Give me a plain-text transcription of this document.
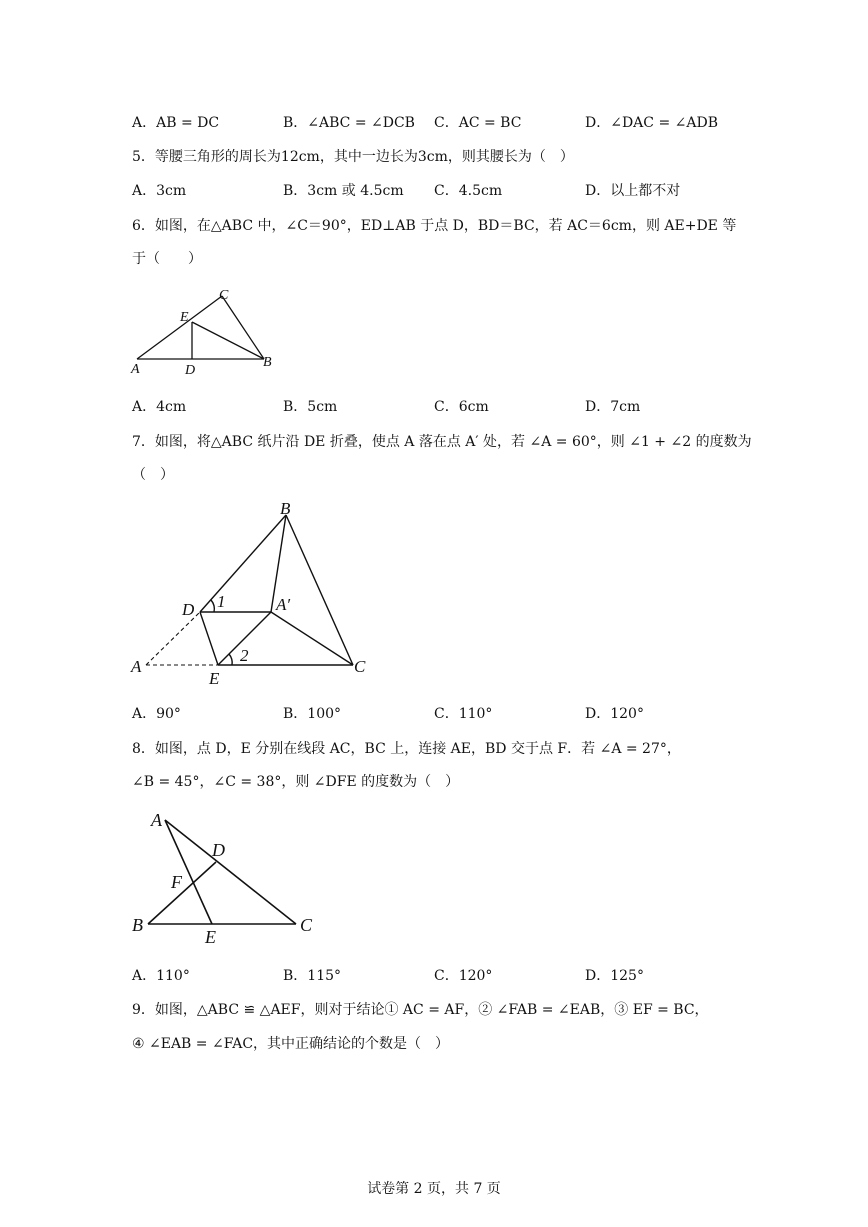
A．AB = DC	B．∠ABC = ∠DCB C．AC = BC	D．∠DAC = ∠ADB
5．等腰三角形的周长为12cm，其中一边长为3cm，则其腰长为（　）
A．3cm	B．3cm 或 4.5cm C．4.5cm	D．以上都不对
6．如图，在△ABC 中，∠C＝90°，ED⊥AB 于点 D，BD＝BC，若 AC＝6cm，则 AE+DE 等
于（　　）
C
E
A	D
B
A．4cm	B．5cm	C．6cm	D．7cm
7．如图，将△ABC 纸片沿 DE 折叠，使点 A 落在点 A′ 处，若 ∠A = 60°，则 ∠1 + ∠2 的度数为
（　）
B
D 1	A′
2
A
E
C
A．90°	B．100°	C．110°	D．120°
8．如图，点 D，E 分别在线段 AC，BC 上，连接 AE，BD 交于点 F．若 ∠A = 27°，
∠B = 45°，∠C = 38°，则 ∠DFE 的度数为（　）
A
D
F
B
E
C
A．110°	B．115°	C．120°	D．125°
9．如图，△ABC ≌ △AEF，则对于结论① AC = AF，② ∠FAB = ∠EAB，③ EF = BC，
④ ∠EAB = ∠FAC，其中正确结论的个数是（　）
试卷第 2 页，共 7 页
